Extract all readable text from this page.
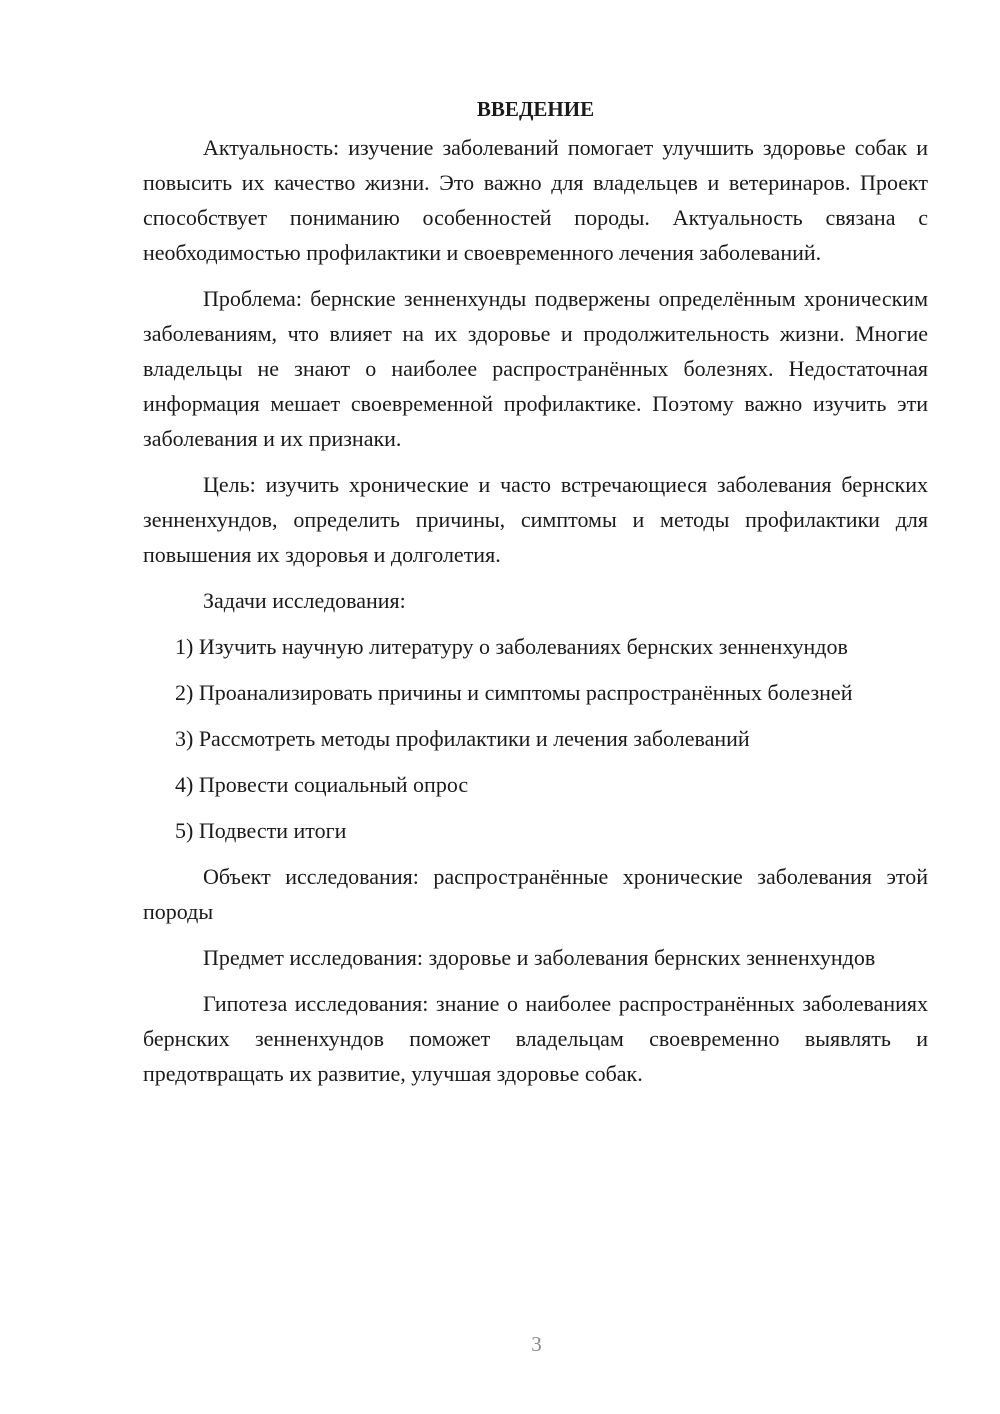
ВВЕДЕНИЕ

Актуальность: изучение заболеваний помогает улучшить здоровье собак и повысить их качество жизни. Это важно для владельцев и ветеринаров. Проект способствует пониманию особенностей породы. Актуальность связана с необходимостью профилактики и своевременного лечения заболеваний.

Проблема: бернские зенненхунды подвержены определённым хроническим заболеваниям, что влияет на их здоровье и продолжительность жизни. Многие владельцы не знают о наиболее распространённых болезнях. Недостаточная информация мешает своевременной профилактике. Поэтому важно изучить эти заболевания и их признаки.

Цель: изучить хронические и часто встречающиеся заболевания бернских зенненхундов, определить причины, симптомы и методы профилактики для повышения их здоровья и долголетия.

Задачи исследования:

1) Изучить научную литературу о заболеваниях бернских зенненхундов

2) Проанализировать причины и симптомы распространённых болезней

3) Рассмотреть методы профилактики и лечения заболеваний

4) Провести социальный опрос

5) Подвести итоги

Объект исследования: распространённые хронические заболевания этой породы

Предмет исследования: здоровье и заболевания бернских зенненхундов

Гипотеза исследования: знание о наиболее распространённых заболеваниях бернских зенненхундов поможет владельцам своевременно выявлять и предотвращать их развитие, улучшая здоровье собак.

3
